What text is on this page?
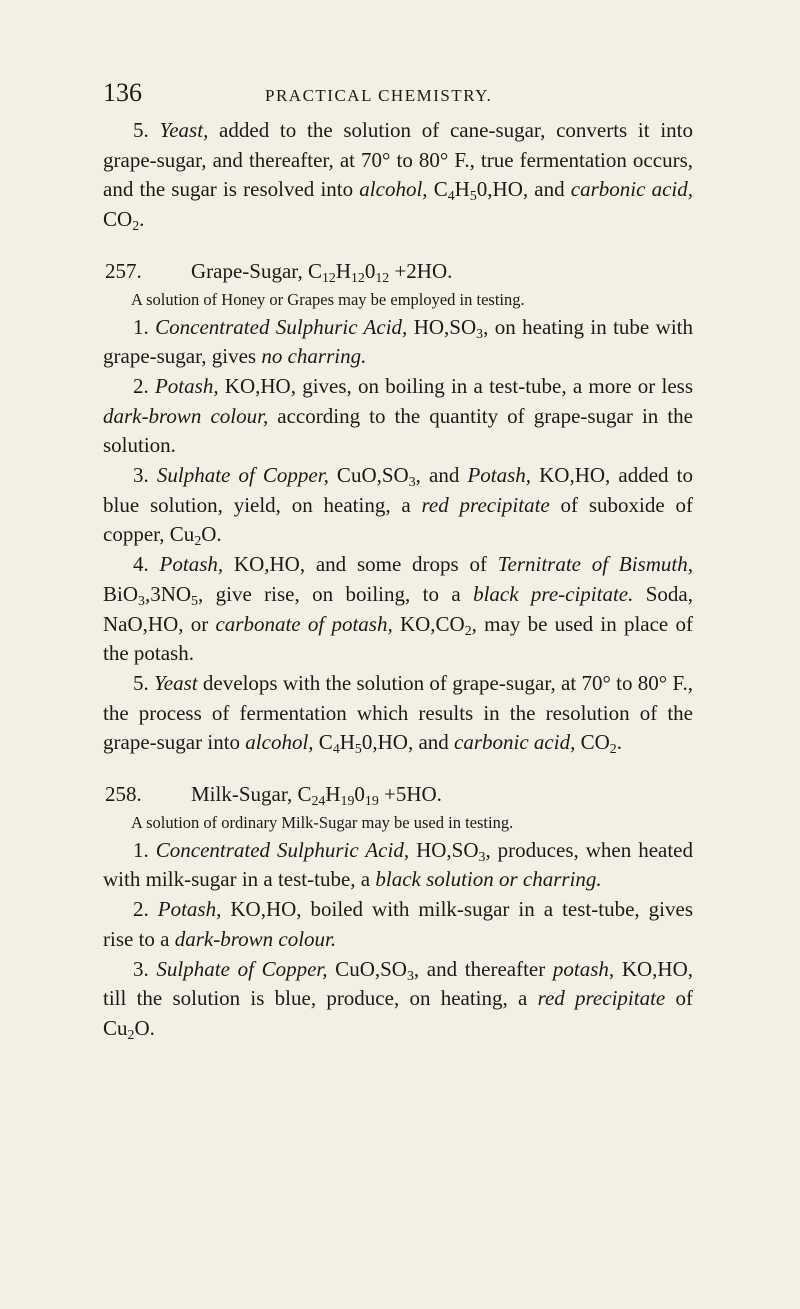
136	PRACTICAL CHEMISTRY.

5. Yeast, added to the solution of cane-sugar, converts it into grape-sugar, and thereafter, at 70° to 80° F., true fermentation occurs, and the sugar is resolved into alcohol, $C_4H_50,HO$, and carbonic acid, $CO_2$.

257. Grape-Sugar, $C_{12}H_{12}0_{12} +2HO$.

A solution of Honey or Grapes may be employed in testing.

1. Concentrated Sulphuric Acid, $HO,SO_3$, on heating in tube with grape-sugar, gives no charring.

2. Potash, KO,HO, gives, on boiling in a test-tube, a more or less dark-brown colour, according to the quantity of grape-sugar in the solution.

3. Sulphate of Copper, $CuO,SO_3$, and Potash, KO,HO, added to blue solution, yield, on heating, a red precipitate of suboxide of copper, $Cu_2O$.

4. Potash, KO,HO, and some drops of Ternitrate of Bismuth, $BiO_3,3NO_5$, give rise, on boiling, to a black pre-cipitate. Soda, NaO,HO, or carbonate of potash, $KO,CO_2$, may be used in place of the potash.

5. Yeast develops with the solution of grape-sugar, at 70° to 80° F., the process of fermentation which results in the resolution of the grape-sugar into alcohol, $C_4H_50,HO$, and carbonic acid, $CO_2$.

258. Milk-Sugar, $C_{24}H_{19}0_{19} +5HO$.

A solution of ordinary Milk-Sugar may be used in testing.

1. Concentrated Sulphuric Acid, $HO,SO_3$, produces, when heated with milk-sugar in a test-tube, a black solution or charring.

2. Potash, KO,HO, boiled with milk-sugar in a test-tube, gives rise to a dark-brown colour.

3. Sulphate of Copper, $CuO,SO_3$, and thereafter potash, KO,HO, till the solution is blue, produce, on heating, a red precipitate of $Cu_2O$.
